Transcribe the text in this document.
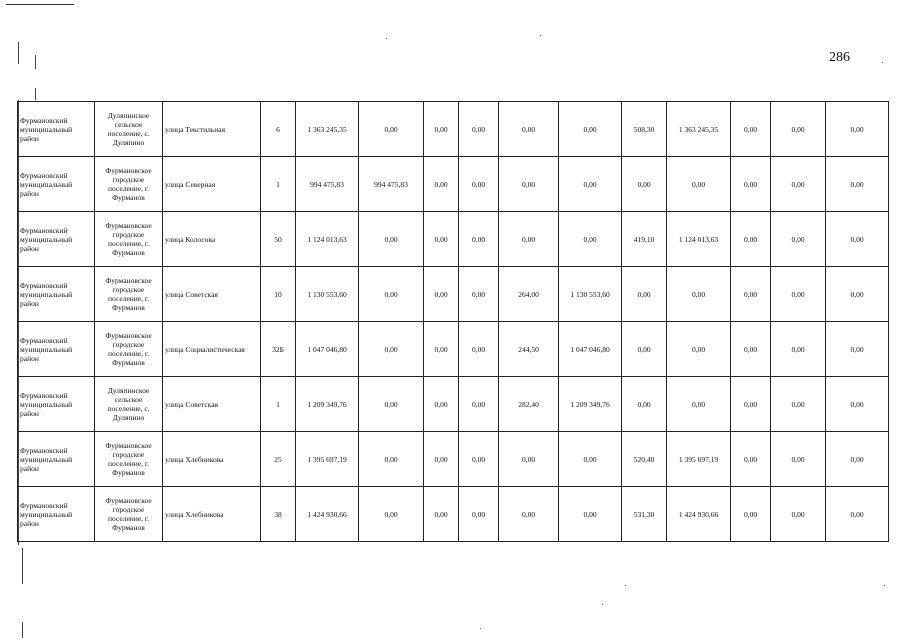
286
Фурмановский муниципальный район	Дуляпинское сельское поселение, с. Дуляпино	улица Текстильная	6	1 363 245,35	0,00	0,00	0,00	0,00	0,00	508,30	1 363 245,35	0,00	0,00	0,00
Фурмановский муниципальный район	Фурмановское городское поселение, г. Фурманов	улица Северная	1	994 475,83	994 475,83	0,00	0,00	0,00	0,00	0,00	0,00	0,00	0,00	0,00
Фурмановский муниципальный район	Фурмановское городское поселение, г. Фурманов	улица Колосова	50	1 124 013,63	0,00	0,00	0,00	0,00	0,00	419,10	1 124 013,63	0,00	0,00	0,00
Фурмановский муниципальный район	Фурмановское городское поселение, г. Фурманов	улица Советская	10	1 130 553,60	0,00	0,00	0,00	264,00	1 130 553,60	0,00	0,00	0,00	0,00	0,00
Фурмановский муниципальный район	Фурмановское городское поселение, г. Фурманов	улица Социалистическая	32Б	1 047 046,80	0,00	0,00	0,00	244,50	1 047 046,80	0,00	0,00	0,00	0,00	0,00
Фурмановский муниципальный район	Дуляпинское сельское поселение, с. Дуляпино	улица Советская	1	1 209 349,76	0,00	0,00	0,00	282,40	1 209 349,76	0,00	0,00	0,00	0,00	0,00
Фурмановский муниципальный район	Фурмановское городское поселение, г. Фурманов	улица Хлебникова	25	1 395 697,19	0,00	0,00	0,00	0,00	0,00	520,40	1 395 697,19	0,00	0,00	0,00
Фурмановский муниципальный район	Фурмановское городское поселение, г. Фурманов	улица Хлебникова	38	1 424 930,66	0,00	0,00	0,00	0,00	0,00	531,30	1 424 930,66	0,00	0,00	0,00
